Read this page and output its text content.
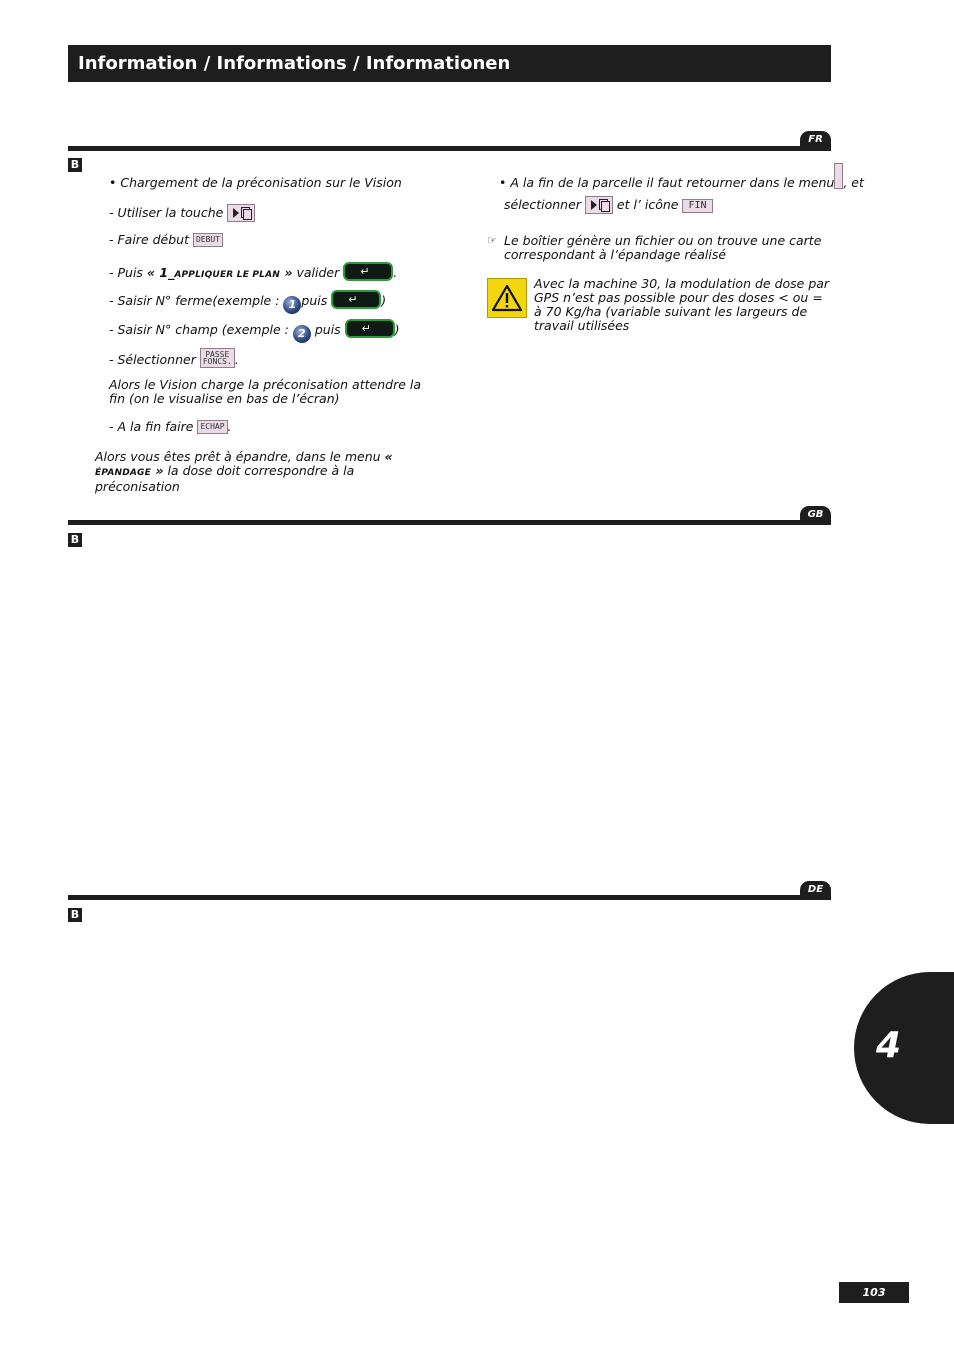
Information / Informations / Informationen
FR
B
• Chargement de la préconisation sur le Vision
- Utiliser la touche
- Faire début DEBUT
- Puis « 1_APPLIQUER LE PLAN » valider ↵ .
- Saisir N° ferme(exemple : 1 puis ↵ )
- Saisir N° champ (exemple : 2 puis ↵ )
- Sélectionner PASSE
FONCS. .
Alors le Vision charge la préconisation attendre la fin (on le visualise en bas de l’écran)
- A la fin faire ECHAP .
Alors vous êtes prêt à épandre, dans le menu « ÉPANDAGE » la dose doit correspondre à la préconisation
• A la fin de la parcelle il faut retourner dans le menu , et
sélectionner	et l’ icône FIN
☞ Le boîtier génère un fichier ou on trouve une carte correspondant à l’épandage réalisé
Avec la machine 30, la modulation de dose par GPS n’est pas possible pour des doses < ou = à 70 Kg/ha (variable suivant les largeurs de travail utilisées
GB
B
DE
B
4
103
